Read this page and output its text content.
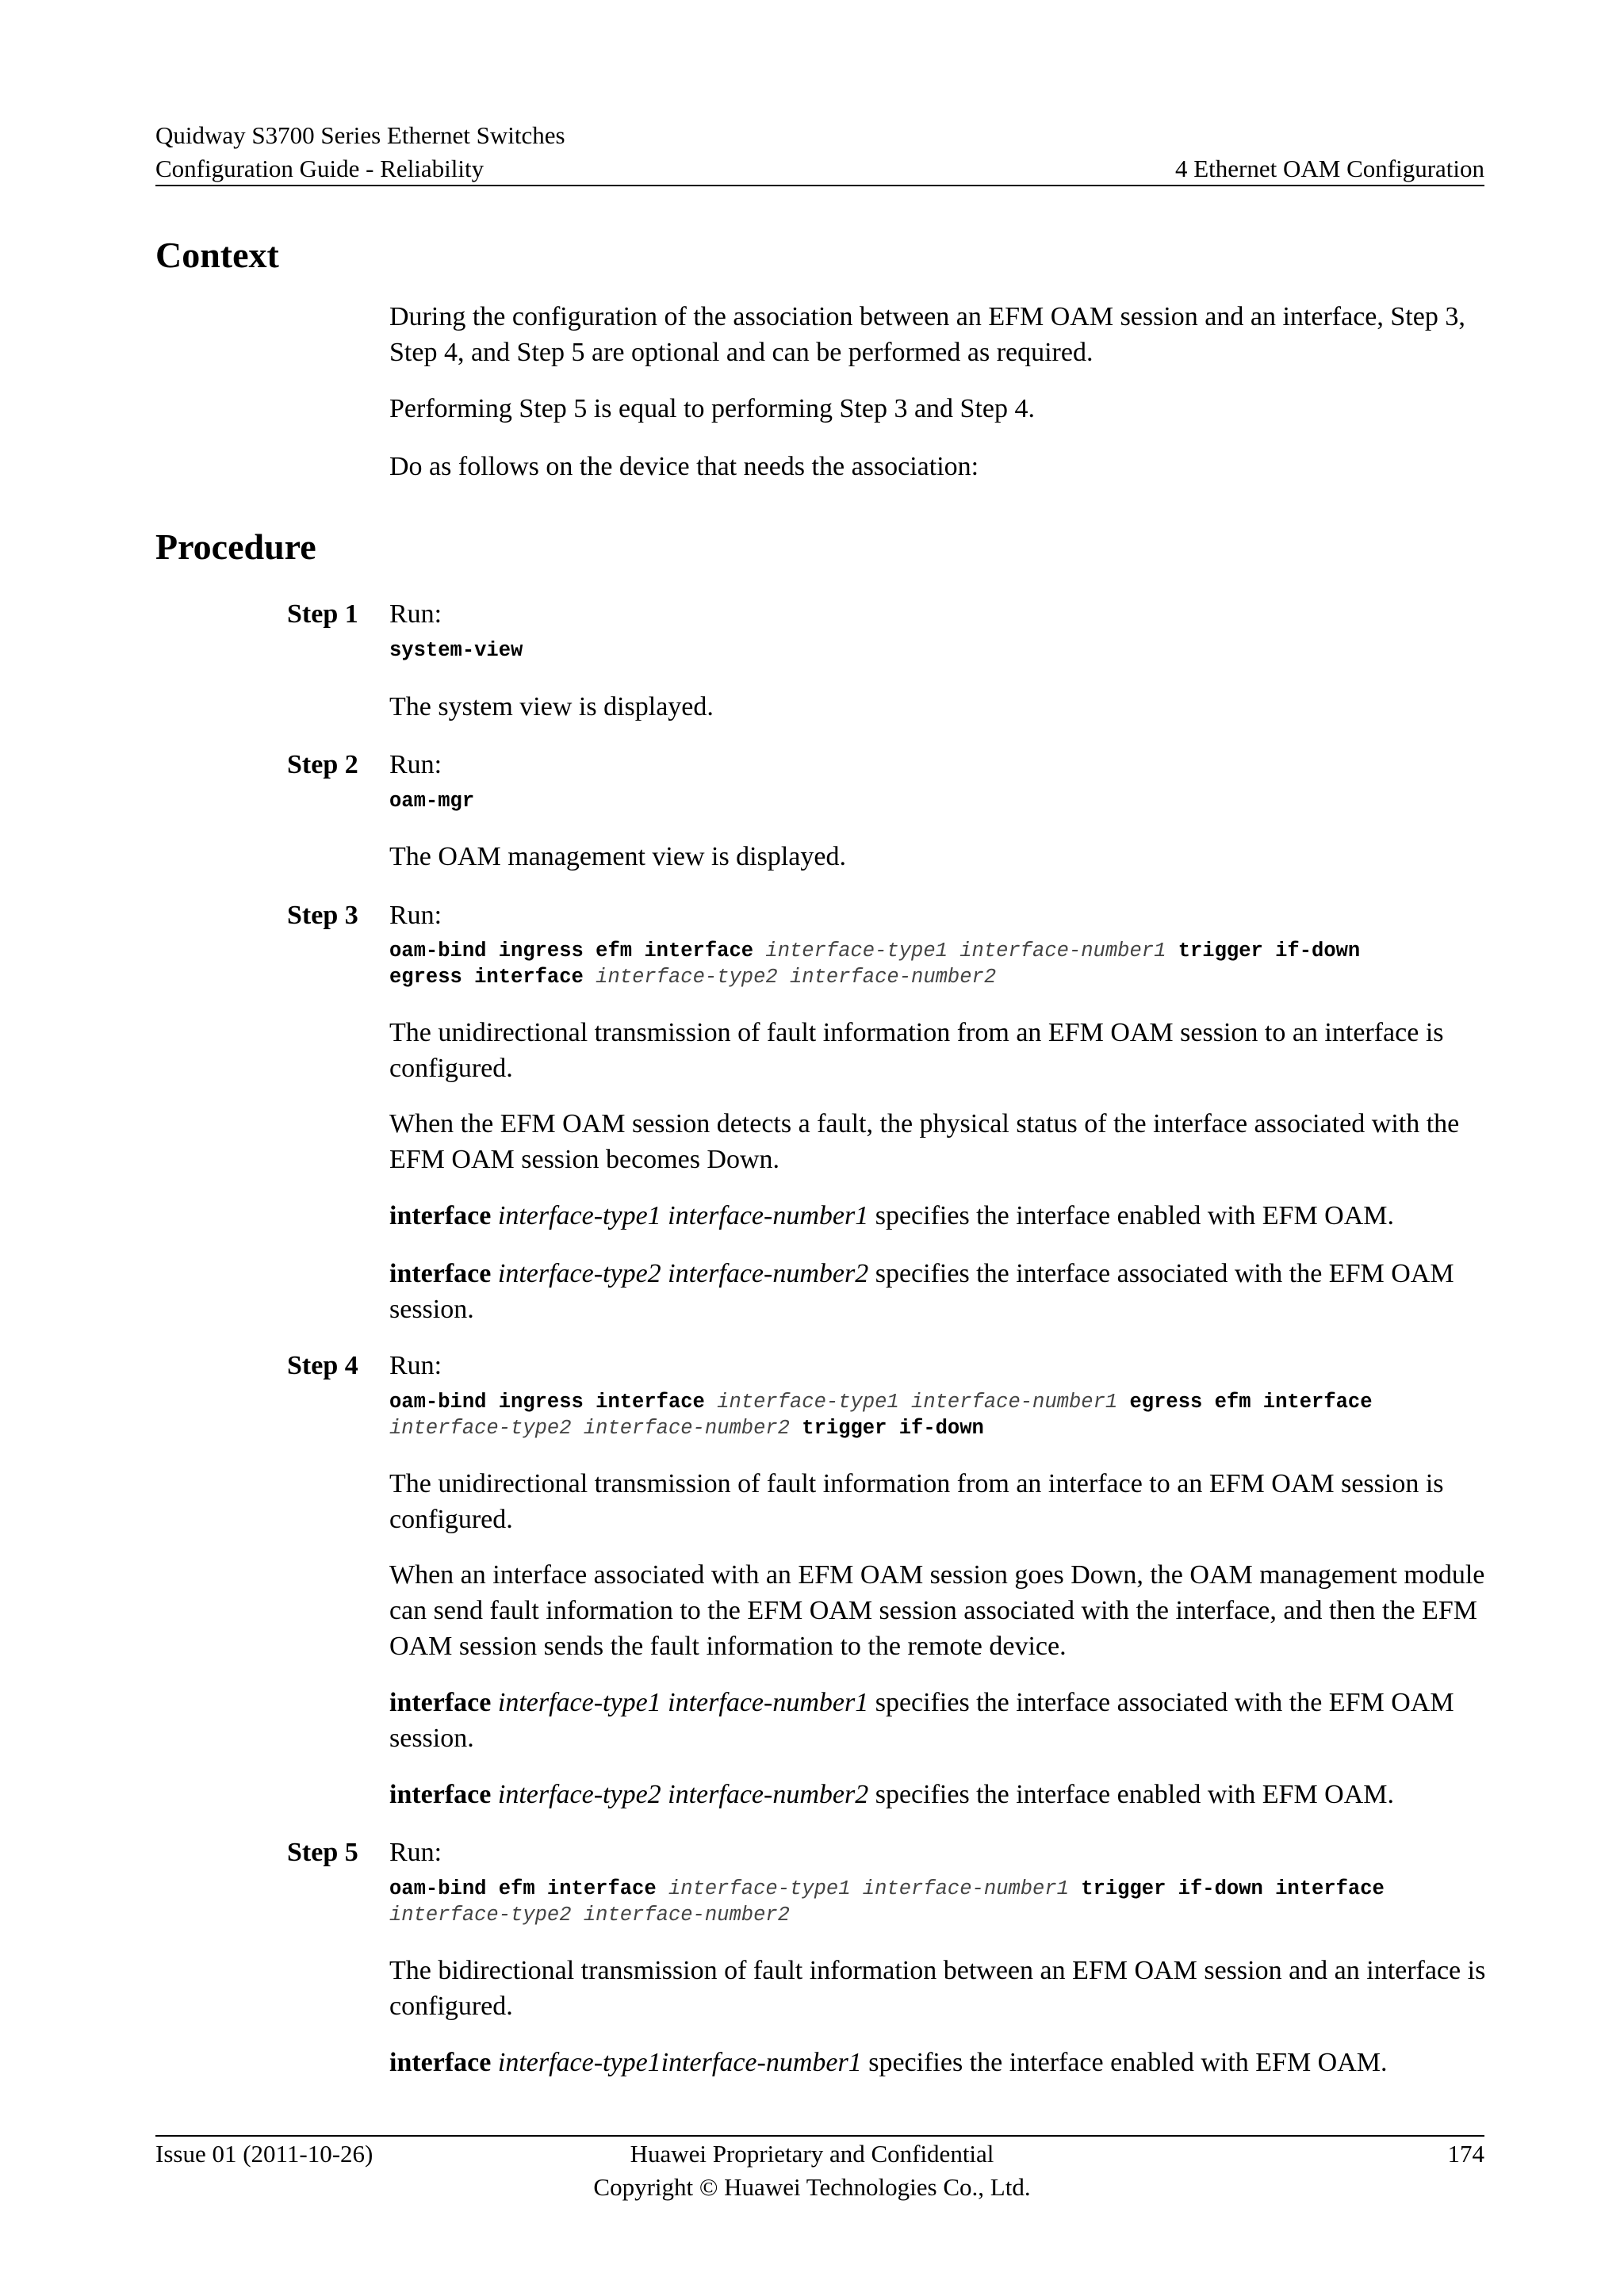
Quidway S3700 Series Ethernet Switches

Configuration Guide - Reliability	4 Ethernet OAM Configuration

Context

During the configuration of the association between an EFM OAM session and an interface, Step 3, Step 4, and Step 5 are optional and can be performed as required.

Performing Step 5 is equal to performing Step 3 and Step 4.

Do as follows on the device that needs the association:

Procedure
Step 1 Run:
system-view

The system view is displayed.

Step 2 Run:
oam-mgr

The OAM management view is displayed.

Step 3 Run:
oam-bind ingress efm interface interface-type1 interface-number1 trigger if-down
egress interface interface-type2 interface-number2

The unidirectional transmission of fault information from an EFM OAM session to an interface is configured.

When the EFM OAM session detects a fault, the physical status of the interface associated with the EFM OAM session becomes Down.

interface interface-type1 interface-number1 specifies the interface enabled with EFM OAM.

interface interface-type2 interface-number2 specifies the interface associated with the EFM OAM session.

Step 4 Run:
oam-bind ingress interface interface-type1 interface-number1 egress efm interface
interface-type2 interface-number2 trigger if-down

The unidirectional transmission of fault information from an interface to an EFM OAM session is configured.

When an interface associated with an EFM OAM session goes Down, the OAM management module can send fault information to the EFM OAM session associated with the interface, and then the EFM OAM session sends the fault information to the remote device.

interface interface-type1 interface-number1 specifies the interface associated with the EFM OAM session.

interface interface-type2 interface-number2 specifies the interface enabled with EFM OAM.

Step 5 Run:
oam-bind efm interface interface-type1 interface-number1 trigger if-down interface
interface-type2 interface-number2

The bidirectional transmission of fault information between an EFM OAM session and an interface is configured.

interface interface-type1interface-number1 specifies the interface enabled with EFM OAM.

Issue 01 (2011-10-26)	Huawei Proprietary and Confidential

Copyright © Huawei Technologies Co., Ltd.

174
